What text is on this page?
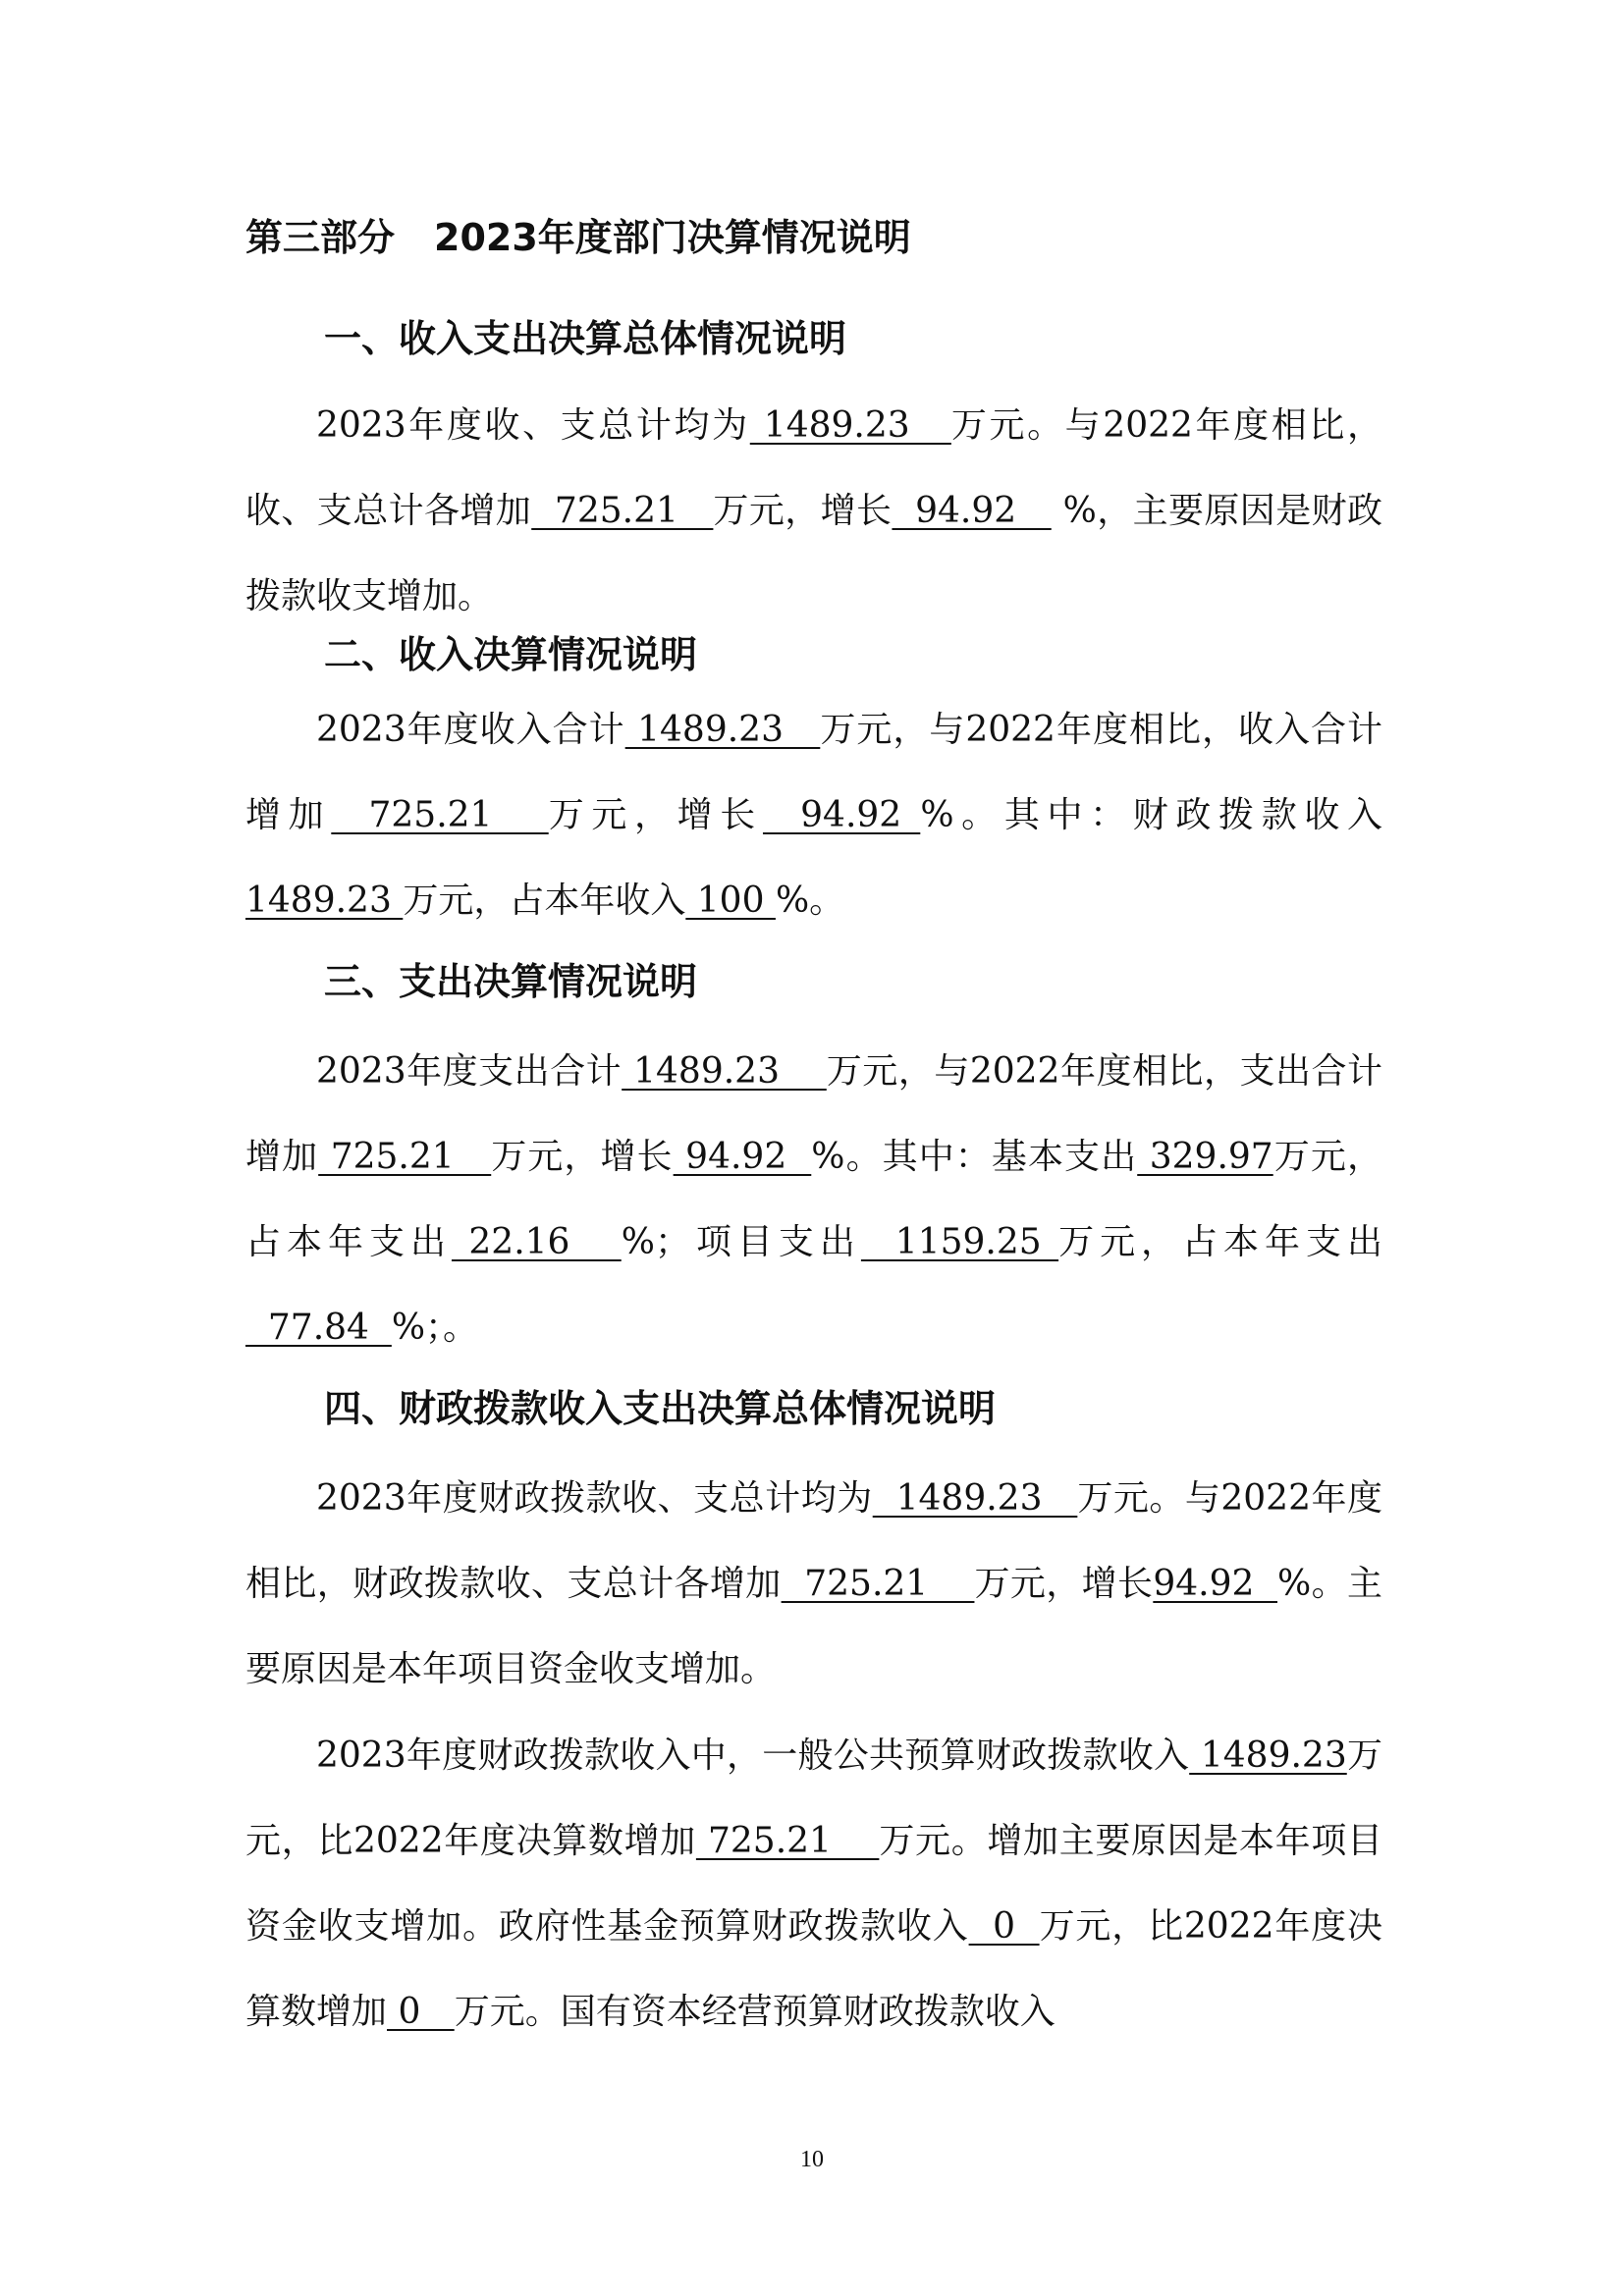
第三部分 2023年度部门决算情况说明
一、收入支出决算总体情况说明
2023年度收、支总计均为 1489.23   万元。与2022年度相比，收、支总计各增加  725.21   万元，增长  94.92    %，主要原因是财政拨款收支增加。
二、收入决算情况说明
2023年度收入合计 1489.23   万元，与2022年度相比，收入合计增加  725.21   万元，增长  94.92 %。其中：财政拨款收入1489.23 万元，占本年收入 100 %。
三、支出决算情况说明
2023年度支出合计 1489.23    万元，与2022年度相比，支出合计增加 725.21   万元，增长 94.92  %。其中：基本支出 329.97万元，占本年支出 22.16   %；项目支出  1159.25 万元，占本年支出  77.84  %；。
四、财政拨款收入支出决算总体情况说明
2023年度财政拨款收、支总计均为  1489.23   万元。与2022年度相比，财政拨款收、支总计各增加  725.21    万元，增长94.92  %。主要原因是本年项目资金收支增加。
2023年度财政拨款收入中，一般公共预算财政拨款收入 1489.23万元，比2022年度决算数增加 725.21    万元。增加主要原因是本年项目资金收支增加。政府性基金预算财政拨款收入  0  万元，比2022年度决算数增加 0   万元。国有资本经营预算财政拨款收入
10
